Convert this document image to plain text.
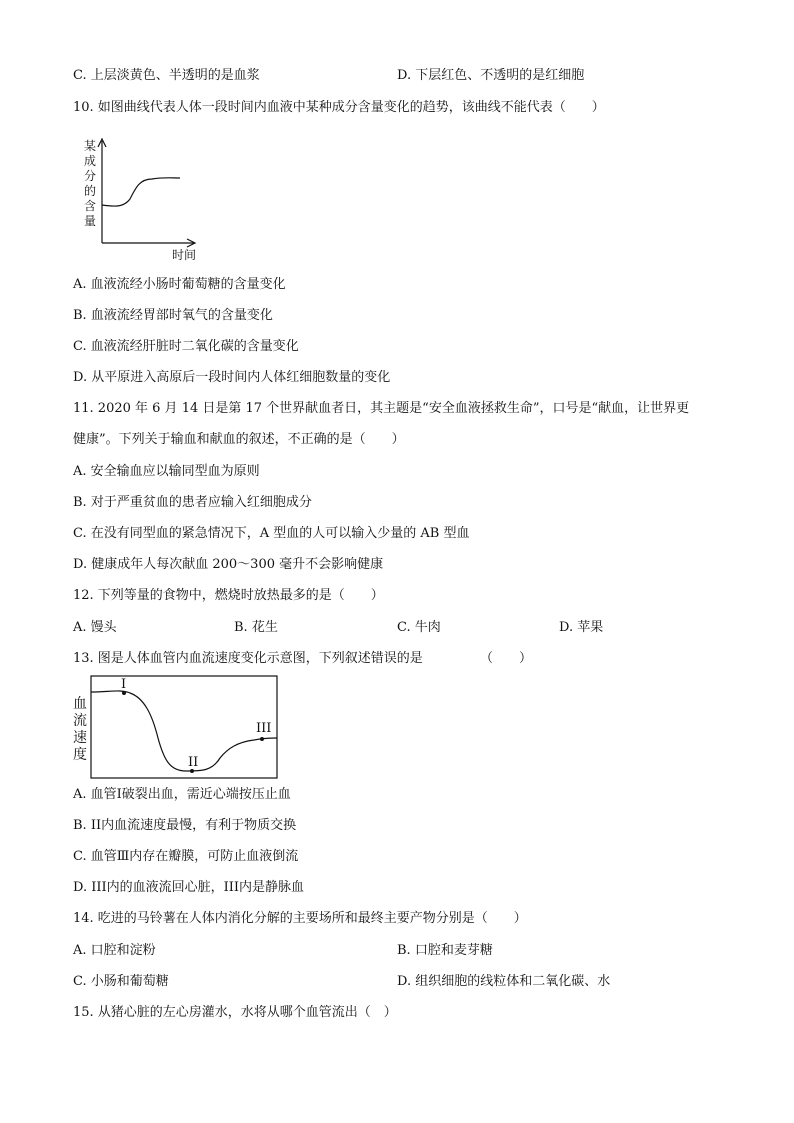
C. 上层淡黄色、半透明的是血浆	D. 下层红色、不透明的是红细胞
10. 如图曲线代表人体一段时间内血液中某种成分含量变化的趋势，该曲线不能代表（　　）
某
成
分
的
含
量
时间
A. 血液流经小肠时葡萄糖的含量变化
B. 血液流经胃部时氧气的含量变化
C. 血液流经肝脏时二氧化碳的含量变化
D. 从平原进入高原后一段时间内人体红细胞数量的变化
11. 2020 年 6 月 14 日是第 17 个世界献血者日，其主题是“安全血液拯救生命”，口号是“献血，让世界更
健康”。下列关于输血和献血的叙述，不正确的是（　　）
A. 安全输血应以输同型血为原则
B. 对于严重贫血的患者应输入红细胞成分
C. 在没有同型血的紧急情况下，A 型血的人可以输入少量的 AB 型血
D. 健康成年人每次献血 200～300 毫升不会影响健康
12. 下列等量的食物中，燃烧时放热最多的是（　　）
A. 馒头	B. 花生	C. 牛肉	D. 苹果
13. 图是人体血管内血流速度变化示意图，下列叙述错误的是	（　　）
血
流
速
度
I
II
III
A. 血管Ⅰ破裂出血，需近心端按压止血
B. II内血流速度最慢，有利于物质交换
C. 血管Ⅲ内存在瓣膜，可防止血液倒流
D. III内的血液流回心脏，III内是静脉血
14. 吃进的马铃薯在人体内消化分解的主要场所和最终主要产物分别是（　　）
A. 口腔和淀粉	B. 口腔和麦芽糖
C. 小肠和葡萄糖	D. 组织细胞的线粒体和二氧化碳、水
15. 从猪心脏的左心房灌水，水将从哪个血管流出（　）
